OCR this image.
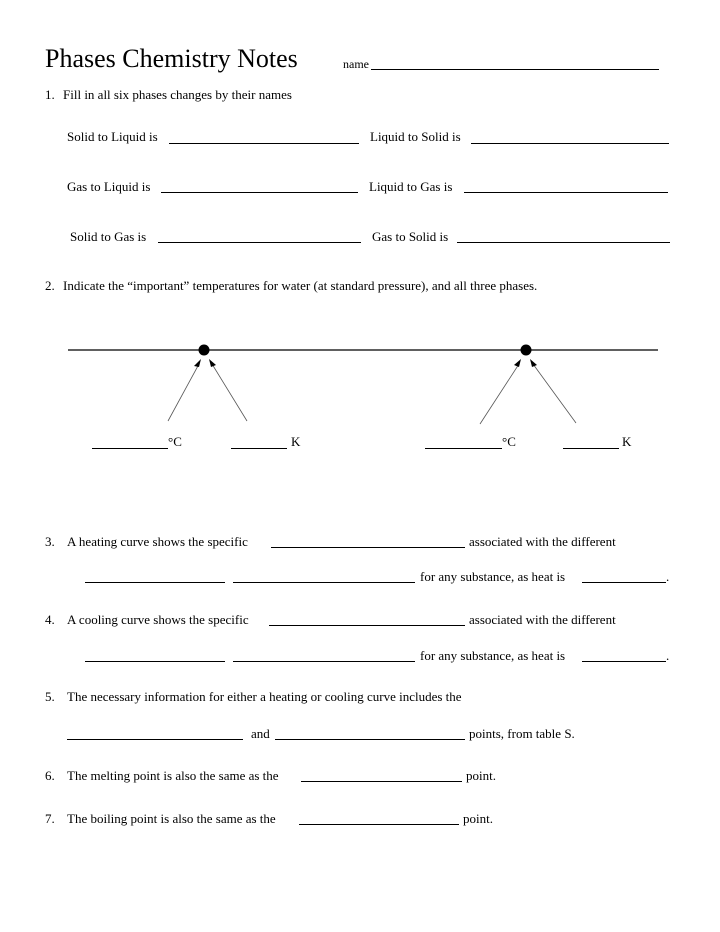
Phases Chemistry Notes	name
1. Fill in all six phases changes by their names
Solid to Liquid is	Liquid to Solid is
Gas to Liquid is	Liquid to Gas is
Solid to Gas is	Gas to Solid is
2. Indicate the “important” temperatures for water (at standard pressure), and all three phases.
°C	K	°C	K
3. A heating curve shows the specific	associated with the different
for any substance, as heat is	.
4. A cooling curve shows the specific	associated with the different
for any substance, as heat is	.
5. The necessary information for either a heating or cooling curve includes the
and	points, from table S.
6. The melting point is also the same as the	point.
7. The boiling point is also the same as the	point.
